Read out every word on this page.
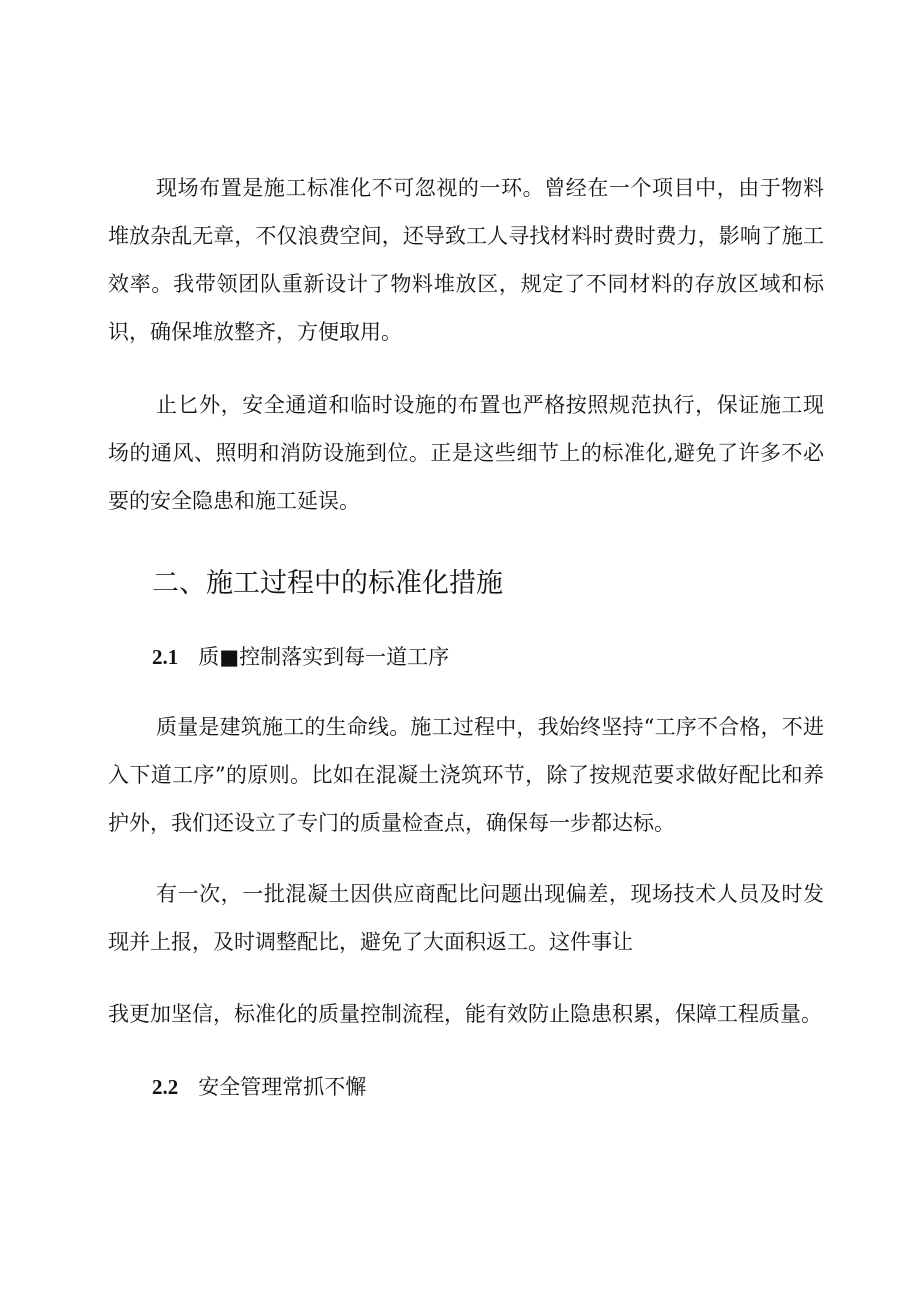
现场布置是施工标准化不可忽视的一环。曾经在一个项目中，由于物料堆放杂乱无章，不仅浪费空间，还导致工人寻找材料时费时费力，影响了施工效率。我带领团队重新设计了物料堆放区，规定了不同材料的存放区域和标识，确保堆放整齐，方便取用。

止匕外，安全通道和临时设施的布置也严格按照规范执行，保证施工现场的通风、照明和消防设施到位。正是这些细节上的标准化,避免了许多不必要的安全隐患和施工延误。

二、施工过程中的标准化措施
2.1 质■控制落实到每一道工序

质量是建筑施工的生命线。施工过程中，我始终坚持“工序不合格，不进入下道工序”的原则。比如在混凝土浇筑环节，除了按规范要求做好配比和养护外，我们还设立了专门的质量检查点，确保每一步都达标。

有一次，一批混凝土因供应商配比问题出现偏差，现场技术人员及时发现并上报，及时调整配比，避免了大面积返工。这件事让

我更加坚信，标准化的质量控制流程，能有效防止隐患积累，保障工程质量。

2.2 安全管理常抓不懈
